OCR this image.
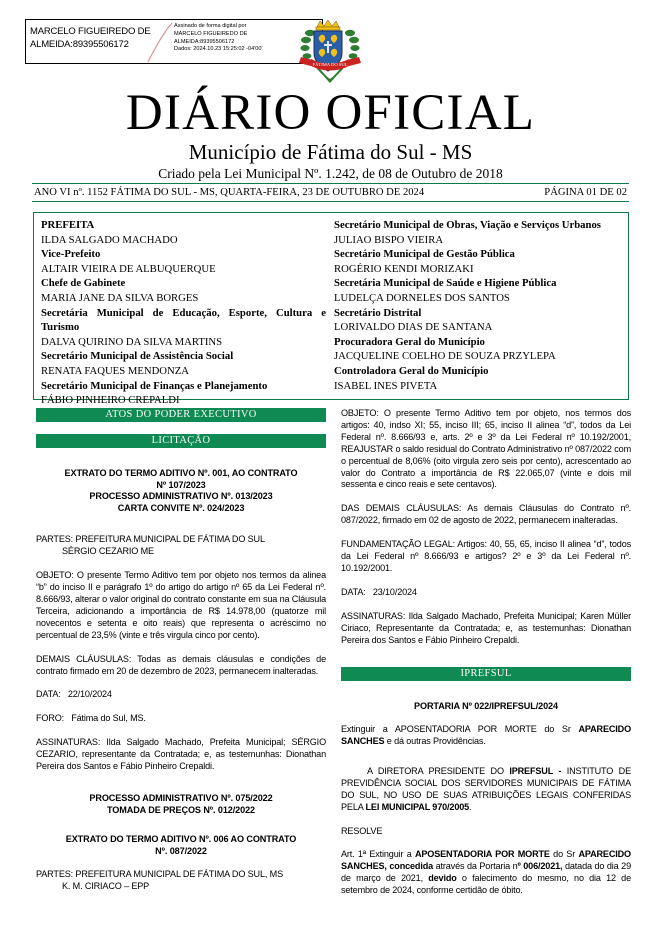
MARCELO FIGUEIREDO DE
ALMEIDA:89395506172
Assinado de forma digital por
MARCELO FIGUEIREDO DE
ALMEIDA:89395506172
Dados: 2024.10.23 15:25:02 -04'00'
FÁTIMA DO SUL
DIÁRIO OFICIAL
Município de Fátima do Sul - MS
Criado pela Lei Municipal Nº. 1.242, de 08 de Outubro de 2018
ANO VI nº. 1152 FÁTIMA DO SUL - MS, QUARTA-FEIRA, 23 DE OUTUBRO DE 2024	PÁGINA 01 DE 02
PREFEITA
ILDA SALGADO MACHADO
Vice-Prefeito
ALTAIR VIEIRA DE ALBUQUERQUE
Chefe de Gabinete
MARIA JANE DA SILVA BORGES
Secretária Municipal de Educação, Esporte, Cultura e Turismo
DALVA QUIRINO DA SILVA MARTINS
Secretário Municipal de Assistência Social
RENATA FAQUES MENDONZA
Secretário Municipal de Finanças e Planejamento
FÁBIO PINHEIRO CREPALDI
Secretário Municipal de Obras, Viação e Serviços Urbanos
JULIAO BISPO VIEIRA
Secretário Municipal de Gestão Pública
ROGÉRIO KENDI MORIZAKI
Secretária Municipal de Saúde e Higiene Pública
LUDELÇA DORNELES DOS SANTOS
Secretário Distrital
LORIVALDO DIAS DE SANTANA
Procuradora Geral do Município
JACQUELINE COELHO DE SOUZA PRZYLEPA
Controladora Geral do Município
ISABEL INES PIVETA
ATOS DO PODER EXECUTIVO
LICITAÇÃO
EXTRATO DO TERMO ADITIVO Nº. 001, AO CONTRATO
Nº 107/2023
PROCESSO ADMINISTRATIVO Nº. 013/2023
CARTA CONVITE Nº. 024/2023
PARTES: PREFEITURA MUNICIPAL DE FÁTIMA DO SUL
SÉRGIO CEZARIO ME
OBJETO: O presente Termo Aditivo tem por objeto nos termos da alinea “b” do inciso II e parágrafo 1º do artigo do artigo nº 65 da Lei Federal nº. 8.666/93, alterar o valor original do contrato constante em sua na Cláusula Terceira, adicionando a importância de R$ 14.978,00 (quatorze mil novecentos e setenta e oito reais) que representa o acréscimo no percentual de 23,5% (vinte e três virgula cinco por cento).
DEMAIS CLÁUSULAS: Todas as demais cláusulas e condições de contrato firmado em 20 de dezembro de 2023, permanecem inalteradas.
DATA: 22/10/2024
FORO: Fátima do Sul, MS.
ASSINATURAS: Ilda Salgado Machado, Prefeita Municipal; SÉRGIO CEZARIO, representante da Contratada; e, as testemunhas: Dionathan Pereira dos Santos e Fábio Pinheiro Crepaldi.
PROCESSO ADMINISTRATIVO Nº. 075/2022
TOMADA DE PREÇOS Nº. 012/2022
EXTRATO DO TERMO ADITIVO Nº. 006 AO CONTRATO
Nº. 087/2022
PARTES: PREFEITURA MUNICIPAL DE FÁTIMA DO SUL, MS
K. M. CIRIACO – EPP
OBJETO: O presente Termo Aditivo tem por objeto, nos termos dos artigos: 40, indso XI; 55, inciso III; 65, inciso II alinea “d”, todos da Lei Federal nº. 8.666/93 e, arts. 2º e 3º da Lei Federal nº 10.192/2001, REAJUSTAR o saldo residual do Contrato Administrativo nº 087/2022 com o percentual de 8,06% (oito virgula zero seis por cento), acrescentado ao valor do Contrato a importância de R$ 22.065,07 (vinte e dois mil sessenta e cinco reais e sete centavos).
DAS DEMAIS CLÁUSULAS: As demais Cláusulas do Contrato nº. 087/2022, firmado em 02 de agosto de 2022, permanecem inalteradas.
FUNDAMENTAÇÃO LEGAL: Artigos: 40, 55, 65, inciso II alinea “d”, todos da Lei Federal nº 8.666/93 e artigos? 2º e 3º da Lei Federal nº. 10.192/2001.
DATA: 23/10/2024
ASSINATURAS: Ilda Salgado Machado, Prefeita Municipal; Karen Müller Ciriaco, Representante da Contratada; e, as testemunhas: Dionathan Pereira dos Santos e Fábio Pinheiro Crepaldi.
IPREFSUL
PORTARIA Nº 022/IPREFSUL/2024
Extinguir a APOSENTADORIA POR MORTE do Sr APARECIDO SANCHES e dá outras Providências.
A DIRETORA PRESIDENTE DO IPREFSUL - INSTITUTO DE PREVIDÊNCIA SOCIAL DOS SERVIDORES MUNICIPAIS DE FÁTIMA DO SUL, NO USO DE SUAS ATRIBUIÇÕES LEGAIS CONFERIDAS PELA LEI MUNICIPAL 970/2005.
RESOLVE
Art. 1ª Extinguir a APOSENTADORIA POR MORTE do Sr APARECIDO SANCHES, concedida através da Portaria nº 006/2021, datada do dia 29 de março de 2021, devido o falecimento do mesmo, no dia 12 de setembro de 2024, conforme certidão de óbito.
